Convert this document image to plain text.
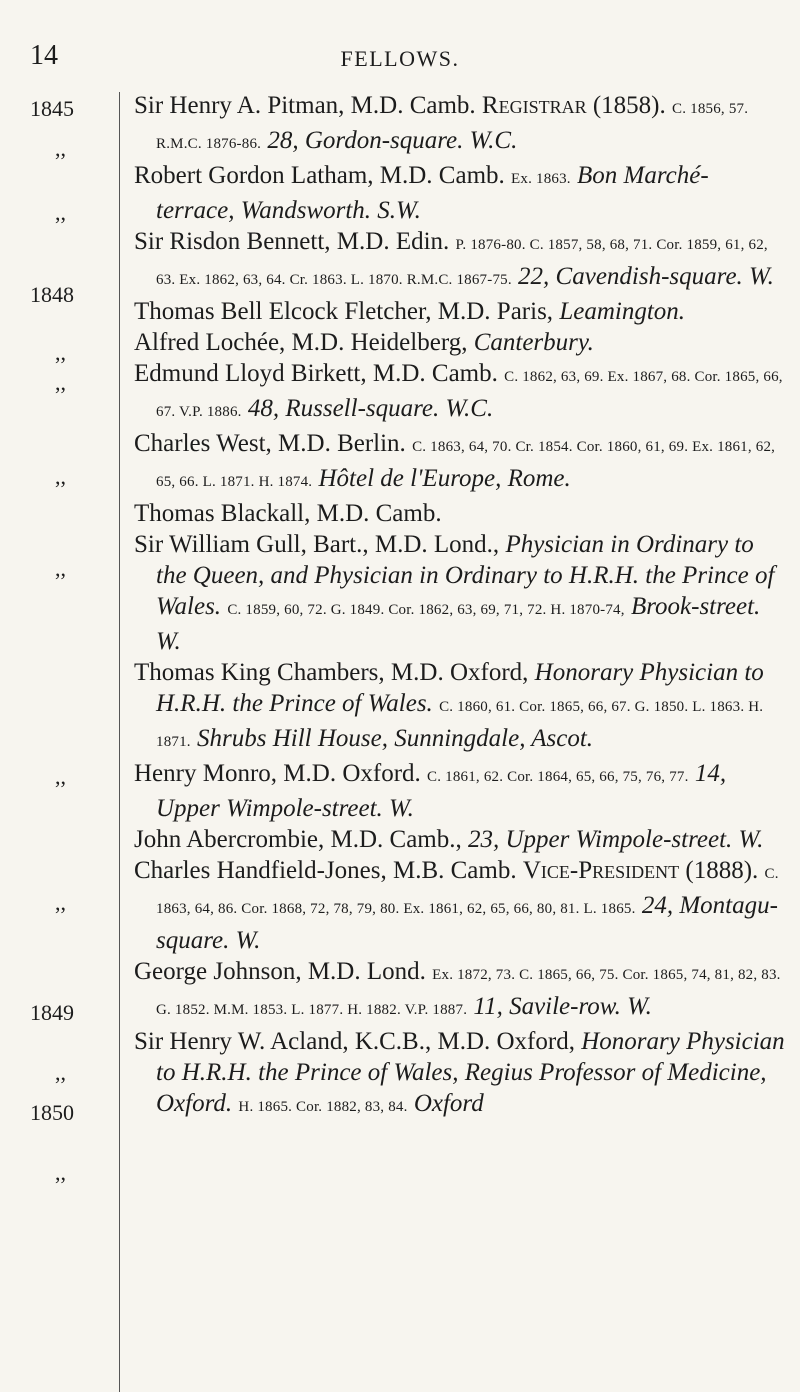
14	FELLOWS.
1845
1848
1849
1850
,,
,,
,,
,,
,,
,,
,,
,,
,,
,,

Sir Henry A. Pitman, M.D. Camb. Registrar (1858). C. 1856, 57. R.M.C. 1876-86. 28, Gordon-square. W.C.

Robert Gordon Latham, M.D. Camb. Ex. 1863. Bon Marché-terrace, Wandsworth. S.W.

Sir Risdon Bennett, M.D. Edin. P. 1876-80. C. 1857, 58, 68, 71. Cor. 1859, 61, 62, 63. Ex. 1862, 63, 64. Cr. 1863. L. 1870. R.M.C. 1867-75. 22, Cavendish-square. W.

Thomas Bell Elcock Fletcher, M.D. Paris, Leamington.

Alfred Lochée, M.D. Heidelberg, Canterbury.

Edmund Lloyd Birkett, M.D. Camb. C. 1862, 63, 69. Ex. 1867, 68. Cor. 1865, 66, 67. V.P. 1886. 48, Russell-square. W.C.

Charles West, M.D. Berlin. C. 1863, 64, 70. Cr. 1854. Cor. 1860, 61, 69. Ex. 1861, 62, 65, 66. L. 1871. H. 1874. Hôtel de l'Europe, Rome.

Thomas Blackall, M.D. Camb.

Sir William Gull, Bart., M.D. Lond., Physician in Ordinary to the Queen, and Physician in Ordinary to H.R.H. the Prince of Wales. C. 1859, 60, 72. G. 1849. Cor. 1862, 63, 69, 71, 72. H. 1870-74, Brook-street. W.

Thomas King Chambers, M.D. Oxford, Honorary Physician to H.R.H. the Prince of Wales. C. 1860, 61. Cor. 1865, 66, 67. G. 1850. L. 1863. H. 1871. Shrubs Hill House, Sunningdale, Ascot.

Henry Monro, M.D. Oxford. C. 1861, 62. Cor. 1864, 65, 66, 75, 76, 77. 14, Upper Wimpole-street. W.

John Abercrombie, M.D. Camb., 23, Upper Wimpole-street. W.

Charles Handfield-Jones, M.B. Camb. Vice-President (1888). C. 1863, 64, 86. Cor. 1868, 72, 78, 79, 80. Ex. 1861, 62, 65, 66, 80, 81. L. 1865. 24, Montagu-square. W.

George Johnson, M.D. Lond. Ex. 1872, 73. C. 1865, 66, 75. Cor. 1865, 74, 81, 82, 83. G. 1852. M.M. 1853. L. 1877. H. 1882. V.P. 1887. 11, Savile-row. W.

Sir Henry W. Acland, K.C.B., M.D. Oxford, Honorary Physician to H.R.H. the Prince of Wales, Regius Professor of Medicine, Oxford. H. 1865. Cor. 1882, 83, 84. Oxford
